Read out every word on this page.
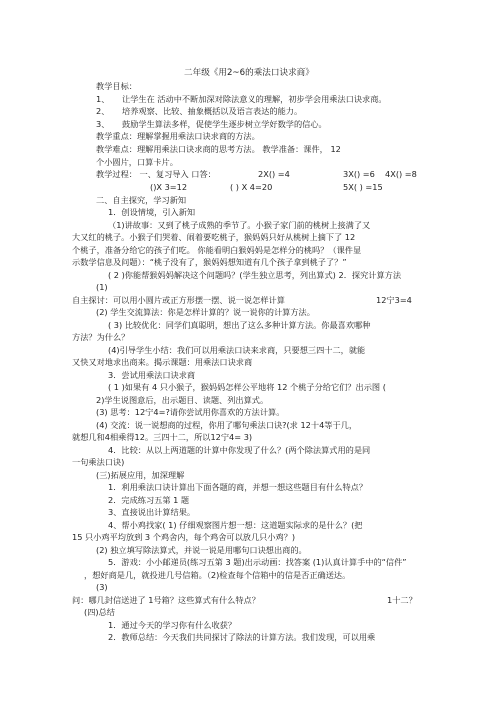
二年级《用2~6的乘法口诀求商》
教学目标：
1、 让学生在 活动中不断加深对除法意义的理解，初步学会用乘法口诀求商。
2、 培养观察、比较、抽象概括以及语言表达的能力。
3、 鼓励学生算法多样，促使学生逐步树立学好数学的信心。
教学重点：理解掌握用乘法口诀求商的方法。
教学难点：理解用乘法口诀求商的思考方法。 教学准备：课件， 12
个小圆片，口算卡片。
教学过程： 一、复习导入 口答：	2X() =4	3X() =6 4X() =8
()X 3=12	( ) X 4=20	5X( ) =15
二、自主探究，学习新知
1．创设情境，引入新知
（1)讲故事：又到了桃子成熟的季节了。小猴子家门前的桃树上接满了又
大又红的桃子。小猴子们哭着、闹着要吃桃子，猴妈妈只好从桃树上摘下了 12
个桃子，准备分给它的孩子们吃。 你能看明白猴妈妈是怎样分的桃吗？（课件显
示数学信息及问题）：“桃子没有了，猴妈妈想知道有几个孩子拿到桃子了？”
( 2 )你能帮猴妈妈解决这个问题吗？(学生独立思考，列出算式) 2．探究计算方法
(1)
自主探讨：可以用小圆片或正方形摆一摆、说一说怎样计算	12宁3=4
(2) 学生交流算法：你是怎样计算的？说一说你的计算方法。
( 3) 比较优化：同学们真聪明，想出了这么多种计算方法。你最喜欢哪种
方法？为什么？
(4)引导学生小结：我们可以用乘法口诀来求商，只要想三四十二，就能
又快又对地求出商来。揭示课题：用乘法口诀求商
3．尝试用乘法口诀求商
( 1 )如果有 4 只小猴子，猴妈妈怎样公平地将 12 个桃子分给它们？出示图 (
2)学生说图意后，出示题目、读题、列出算式。
(3) 思考：12宁4=?请你尝试用你喜欢的方法计算。
(4) 交流：说一说想商的过程，你用了哪句乘法口诀?(求 12十4等于几，
就想几和4相乘得12。三四十二，所以12宁4= 3)
4．比较：从以上两道题的计算中你发现了什么？(两个除法算式用的是同
一句乘法口诀)
(三)拓展应用，加深理解
1．利用乘法口诀计算出下面各题的商，并想一想这些题目有什么特点？
2．完成练习五第 1 题
3、直接说出计算结果。
4、帮小鸡找家( 1) 仔细观察图片想一想：这道题实际求的是什么？(把
15 只小鸡平均放到 3 个鸡舍内，每个鸡舍可以放几只小鸡？)
(2) 独立填写除法算式，并说一说是用哪句口诀想出商的。
5．游戏：小小邮递员(练习五第 3 题)出示动画：找答案 (1)认真计算手中的“信件”
，想好商是几，就投进几号信箱。（2)检查每个信箱中的信是否正确送达。
(3)
问：哪几封信送进了 1号箱？这些算式有什么特点？	1十二？
(四)总结
1．通过今天的学习你有什么收获？
2．教师总结：今天我们共同探讨了除法的计算方法。我们发现，可以用乘
